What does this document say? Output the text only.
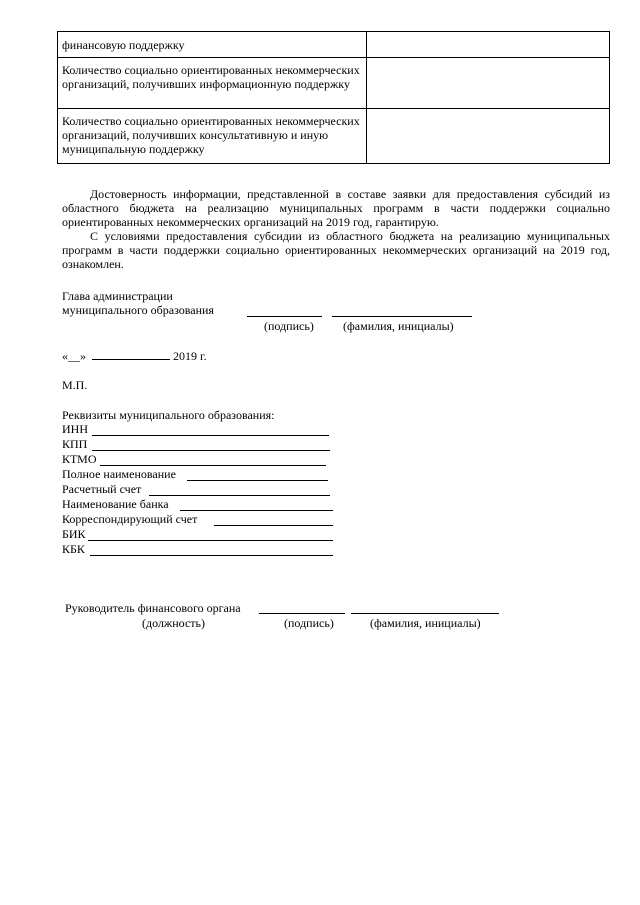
финансовую поддержку	
Количество социально ориентированных некоммерческих организаций, получивших информационную поддержку	
Количество социально ориентированных некоммерческих организаций, получивших консультативную и иную муниципальную поддержку	
Достоверность информации, представленной в составе заявки для предоставления субсидий из областного бюджета на реализацию муниципальных программ в части поддержки социально ориентированных некоммерческих организаций на 2019 год, гарантирую.
С условиями предоставления субсидии из областного бюджета на реализацию муниципальных программ в части поддержки социально ориентированных некоммерческих организаций на 2019 год, ознакомлен.
Глава администрации
муниципального образования
(подпись) (фамилия, инициалы)
«__»	2019 г.
М.П.
Реквизиты муниципального образования:
ИНН
КПП
КТМО
Полное наименование
Расчетный счет
Наименование банка
Корреспондирующий счет
БИК
КБК
Руководитель финансового органа
(должность)	(подпись)	(фамилия, инициалы)
